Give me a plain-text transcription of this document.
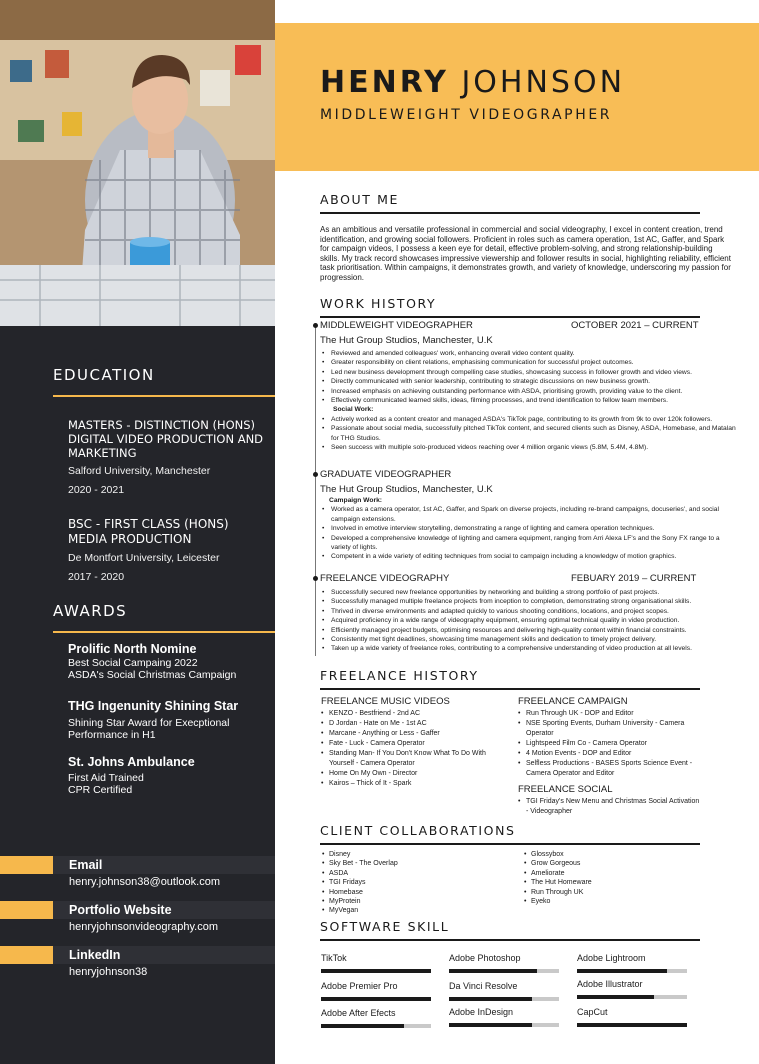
EDUCATION
MASTERS - DISTINCTION (HONS) DIGITAL VIDEO PRODUCTION AND MARKETING
Salford University, Manchester
2020 - 2021
BSC - FIRST CLASS (HONS) MEDIA PRODUCTION
De Montfort University, Leicester
2017 - 2020
AWARDS
Prolific North Nomine
Best Social Campaing 2022
ASDA's Social Christmas Campaign
THG Ingenunity Shining Star
Shining Star Award for Execptional
Performance in H1
St. Johns Ambulance
First Aid Trained
CPR Certified
Email
henry.johnson38@outlook.com
Portfolio Website
henryjohnsonvideography.com
LinkedIn
henryjohnson38
HENRY JOHNSON
MIDDLEWEIGHT VIDEOGRAPHER
ABOUT ME
As an ambitious and versatile professional in commercial and social videography, I excel in content creation, trend identification, and growing social followers. Proficient in roles such as camera operation, 1st AC, Gaffer, and Spark for campaign videos, I possess a keen eye for detail, effective problem-solving, and strong relationship-building skills. My track record showcases impressive viewership and follower results in social, highlighting reliability, efficient task prioritisation. Within campaigns, it demonstrates growth, and variety of knowledge, underscoring my passion for progression.
WORK HISTORY
MIDDLEWEIGHT VIDEOGRAPHER	OCTOBER 2021 – CURRENT
The Hut Group Studios, Manchester, U.K
• Reviewed and amended colleagues' work, enhancing overall video content quality.
• Greater responsibility on client relations, emphasising communication for successful project outcomes.
• Led new business development through compelling case studies, showcasing success in follower growth and video views.
• Directly communicated with senior leadership, contributing to strategic discussions on new business growth.
• Increased emphasis on achieving outstanding performance with ASDA, prioritising growth, providing value to the client.
• Effectively communicated learned skills, ideas, filming processes, and trend identification to fellow team members.
Social Work:
• Actively worked as a content creator and managed ASDA's TikTok page, contributing to its growth from 9k to over 120k followers.
• Passionate about social media, successfully pitched TikTok content, and secured clients such as Disney, ASDA, Homebase, and Matalan for THG Studios.
• Seen success with multiple solo-produced videos reaching over 4 million organic views (5.8M, 5.4M, 4.8M).
GRADUATE VIDEOGRAPHER
The Hut Group Studios, Manchester, U.K
Campaign Work:
• Worked as a camera operator, 1st AC, Gaffer, and Spark on diverse projects, including re-brand campaigns, docuseries', and social campaign extensions.
• Involved in emotive interview storytelling, demonstrating a range of lighting and camera operation techniques.
• Developed a comprehensive knowledge of lighting and camera equipment, ranging from Arri Alexa LF's and the Sony FX range to a variety of lights.
• Competent in a wide variety of editing techniques from social to campaign including a knowledgw of motion graphics.
FREELANCE VIDEOGRAPHY	FEBUARY 2019 – CURRENT
• Successfully secured new freelance opportunities by networking and building a strong portfolio of past projects.
• Successfully managed multiple freelance projects from inception to completion, demonstrating strong organisational skills.
• Thrived in diverse environments and adapted quickly to various shooting conditions, locations, and project scopes.
• Acquired proficiency in a wide range of videography equipment, ensuring optimal technical quality in video production.
• Efficiently managed project budgets, optimising resources and delivering high-quality content within financial constraints.
• Consistently met tight deadlines, showcasing time management skills and dedication to timely project delivery.
• Taken up a wide variety of freelance roles, contributing to a comprehensive understanding of video production at all levels.
FREELANCE HISTORY
FREELANCE MUSIC VIDEOS
• KENZO - Bestfriend - 2nd AC
• D Jordan - Hate on Me - 1st AC
• Marcane - Anything or Less - Gaffer
• Fate - Luck - Camera Operator
• Standing Man- If You Don't Know What To Do With Yourself - Camera Operator
• Home On My Own - Director
• Kairos – Thick of It - Spark
FREELANCE CAMPAIGN
• Run Through UK - DOP and Editor
• NSE Sporting Events, Durham University - Camera Operator
• Lightspeed Film Co - Camera Operator
• 4 Motion Events - DOP and Editor
• Selfless Productions - BASES Sports Science Event - Camera Operator and Editor
FREELANCE SOCIAL
• TGI Friday's New Menu and Christmas Social Activation - Videographer
CLIENT COLLABORATIONS
• Disney
• Sky Bet - The Overlap
• ASDA
• TGI Fridays
• Homebase
• MyProtein
• MyVegan
• Glossybox
• Grow Gorgeous
• Ameliorate
• The Hut Homeware
• Run Through UK
• Eyeko
SOFTWARE SKILL
TikTok	Adobe Photoshop	Adobe Lightroom
Adobe Premier Pro	Da Vinci Resolve	Adobe Illustrator
Adobe After Efects	Adobe InDesign	CapCut
